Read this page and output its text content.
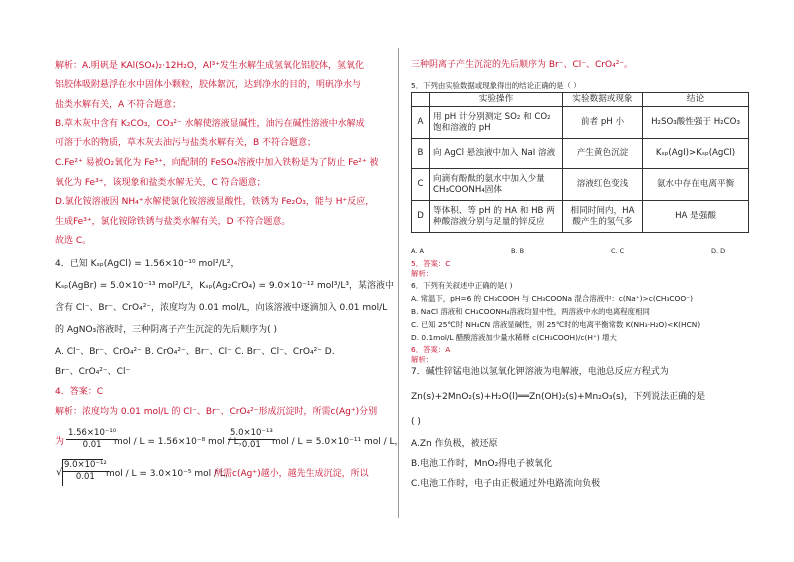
解析：A.明矾是 KAl(SO₄)₂·12H₂O，Al³⁺发生水解生成氢氧化铝胶体，氢氧化
铝胶体吸附悬浮在水中固体小颗粒，胶体絮沉，达到净水的目的，明矾净水与
盐类水解有关，A 不符合题意；
B.草木灰中含有 K₂CO₃，CO₃²⁻ 水解使溶液显碱性，油污在碱性溶液中水解成
可溶于水的物质，草木灰去油污与盐类水解有关，B 不符合题意；
C.Fe²⁺ 易被O₂氧化为 Fe³⁺，向配制的 FeSO₄溶液中加入铁粉是为了防止 Fe²⁺ 被
氧化为 Fe³⁺，该现象和盐类水解无关，C 符合题意；
D.氯化铵溶液因 NH₄⁺水解使氯化铵溶液显酸性，铁锈为 Fe₂O₃，能与 H⁺反应，
生成Fe³⁺，氯化铵除铁锈与盐类水解有关，D 不符合题意。
故选 C。
4．已知 Kₛₚ(AgCl) = 1.56×10⁻¹⁰ mol²/L²，
Kₛₚ(AgBr) = 5.0×10⁻¹³ mol²/L²，Kₛₚ(Ag₂CrO₄) = 9.0×10⁻¹² mol³/L³，某溶液中
含有 Cl⁻、Br⁻、CrO₄²⁻，浓度均为 0.01 mol/L，向该溶液中逐滴加入 0.01 mol/L
的 AgNO₃溶液时，三种阴离子产生沉淀的先后顺序为( )
A. Cl⁻、Br⁻、CrO₄²⁻ B. CrO₄²⁻、Br⁻、Cl⁻ C. Br⁻、Cl⁻、CrO₄²⁻ D.
Br⁻、CrO₄²⁻、Cl⁻
4．答案：C
解析：浓度均为 0.01 mol/L 的 Cl⁻、Br⁻、CrO₄²⁻形成沉淀时，所需c(Ag⁺)分别
为 $\frac{\text{1.56×10⁻¹⁰}}{0.01}$
mol / L = 1.56×10⁻⁸ mol / L，
$\frac{\text{5.0×10⁻¹³}}{0.01}$
mol / L = 5.0×10⁻¹¹ mol / L，
√ $\frac{\text{9.0×10⁻¹²}}{0.01}$
mol / L = 3.0×10⁻⁵ mol / L，
所需c(Ag⁺)越小，越先生成沉淀，所以
三种阴离子产生沉淀的先后顺序为 Br⁻、Cl⁻、CrO₄²⁻。
5．下列由实验数据或现象得出的结论正确的是（ ）
	实验操作	实验数据或现象	结论
A	用 pH 计分别测定 SO₂ 和 CO₂ 饱和溶液的 pH	前者 pH 小	H₂SO₃酸性强于 H₂CO₃
B	向 AgCl 悬浊液中加入 NaI 溶液	产生黄色沉淀	Kₛₚ(AgI)>Kₛₚ(AgCl)
C	向滴有酚酞的氨水中加入少量 CH₃COONH₄固体	溶液红色变浅	氨水中存在电离平衡
D	等体积、等 pH 的 HA 和 HB 两种酸溶液分别与足量的锌反应	相同时间内，HA 酸产生的氢气多	HA 是强酸
A. A	B. B	C. C	D. D
5．答案：C
解析：
6．下列有关叙述中正确的是( )
A. 常温下，pH=6 的 CH₃COOH 与 CH₃COONa 混合溶液中：c(Na⁺)>c(CH₃COO⁻)
B. NaCl 溶液和 CH₃COONH₄溶液均显中性，两溶液中水的电离程度相同
C. 已知 25℃时 NH₄CN 溶液显碱性，则 25℃时的电离平衡常数 K(NH₃·H₂O)<K(HCN)
D. 0.1mol/L 醋酸溶液加少量水稀释 c(CH₃COOH)/c(H⁺) 增大
6．答案：A
解析：
7．碱性锌锰电池以氢氧化钾溶液为电解液，电池总反应方程式为
Zn(s)+2MnO₂(s)+H₂O(l)══Zn(OH)₂(s)+Mn₂O₃(s)，下列说法正确的是
( )
A.Zn 作负极，被还原
B.电池工作时，MnO₂得电子被氧化
C.电池工作时，电子由正极通过外电路流向负极
